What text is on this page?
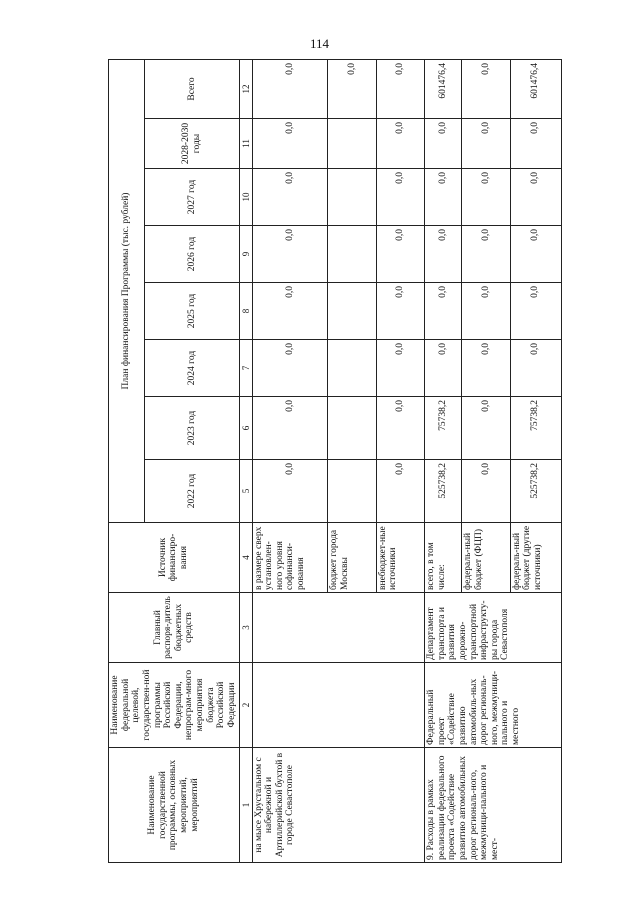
114
Наименование государственной программы, основных мероприятий, мероприятий	Наименование федеральной целевой, государствен-ной программы Российской Федерации, непрограм-много мероприятия бюджета Российской Федерации	Главный распоря-дитель бюджетных средств	Источник финансиро-вания	План финансирования Программы (тыс. рублей)							
				2022 год	2023 год	2024 год	2025 год	2026 год	2027 год	2028-2030 годы	Всего
1	2	3	4	5	6	7	8	9	10	11	12
на мысе Хрустальном с набережной и Артиллерийской бухтой в городе Севастополе			в размере сверх установлен-ного уровня софинанси-рования	0,0	0,0	0,0	0,0	0,0	0,0	0,0	0,0
			бюджет города Москвы								0,0
			внебюджет-ные источники	0,0	0,0	0,0	0,0	0,0	0,0	0,0	0,0
9. Расходы в рамках реализации федерального проекта «Содействие развитию автомобильных дорог региональ-ного, межмуници-пального и мест-	Федеральный проект «Содействие развитию автомобиль-ных дорог региональ-ного, межмуници-пального и местного	Департамент транспорта и развития дорожно-транспортной инфраструкту-ры города Севастополя	всего, в том числе:	525738,2	75738,2	0,0	0,0	0,0	0,0	0,0	601476,4
			федераль-ный бюджет (ФЦП)	0,0	0,0	0,0	0,0	0,0	0,0	0,0	0,0
			федераль-ный бюджет (другие источники)	525738,2	75738,2	0,0	0,0	0,0	0,0	0,0	601476,4
